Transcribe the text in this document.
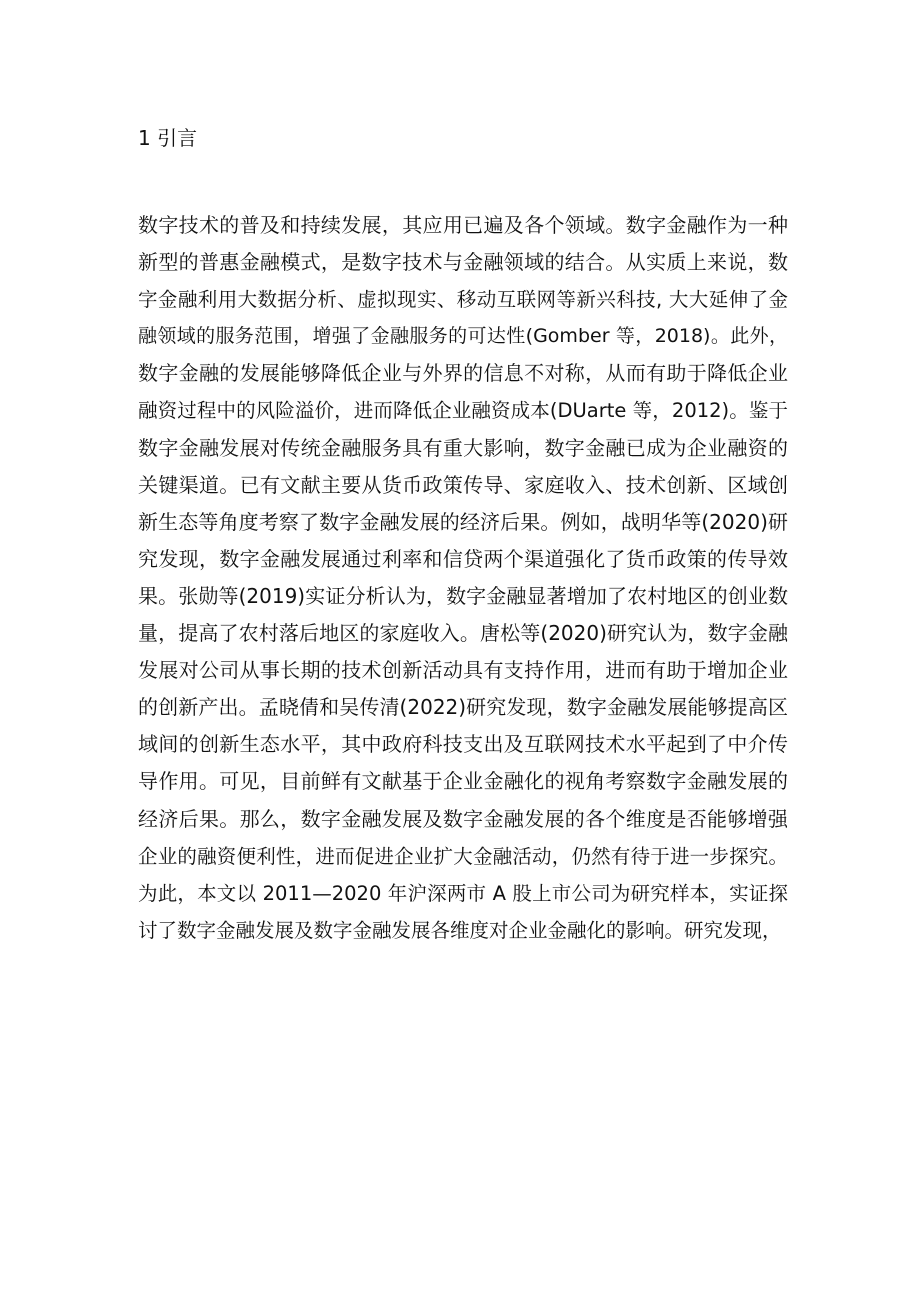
1 引言
数字技术的普及和持续发展，其应用已遍及各个领域。数字金融作为一种
新型的普惠金融模式，是数字技术与金融领域的结合。从实质上来说，数
字金融利用大数据分析、虚拟现实、移动互联网等新兴科技, 大大延伸了金
融领域的服务范围，增强了金融服务的可达性(Gomber 等，2018)。此外，
数字金融的发展能够降低企业与外界的信息不对称，从而有助于降低企业
融资过程中的风险溢价，进而降低企业融资成本(DUarte 等，2012)。鉴于
数字金融发展对传统金融服务具有重大影响，数字金融已成为企业融资的
关键渠道。已有文献主要从货币政策传导、家庭收入、技术创新、区域创
新生态等角度考察了数字金融发展的经济后果。例如，战明华等(2020)研
究发现，数字金融发展通过利率和信贷两个渠道强化了货币政策的传导效
果。张勋等(2019)实证分析认为，数字金融显著增加了农村地区的创业数
量，提高了农村落后地区的家庭收入。唐松等(2020)研究认为，数字金融
发展对公司从事长期的技术创新活动具有支持作用，进而有助于增加企业
的创新产出。孟晓倩和吴传清(2022)研究发现，数字金融发展能够提高区
域间的创新生态水平，其中政府科技支出及互联网技术水平起到了中介传
导作用。可见，目前鲜有文献基于企业金融化的视角考察数字金融发展的
经济后果。那么，数字金融发展及数字金融发展的各个维度是否能够增强
企业的融资便利性，进而促进企业扩大金融活动，仍然有待于进一步探究。
为此，本文以 2011—2020 年沪深两市 A 股上市公司为研究样本，实证探
讨了数字金融发展及数字金融发展各维度对企业金融化的影响。研究发现，
